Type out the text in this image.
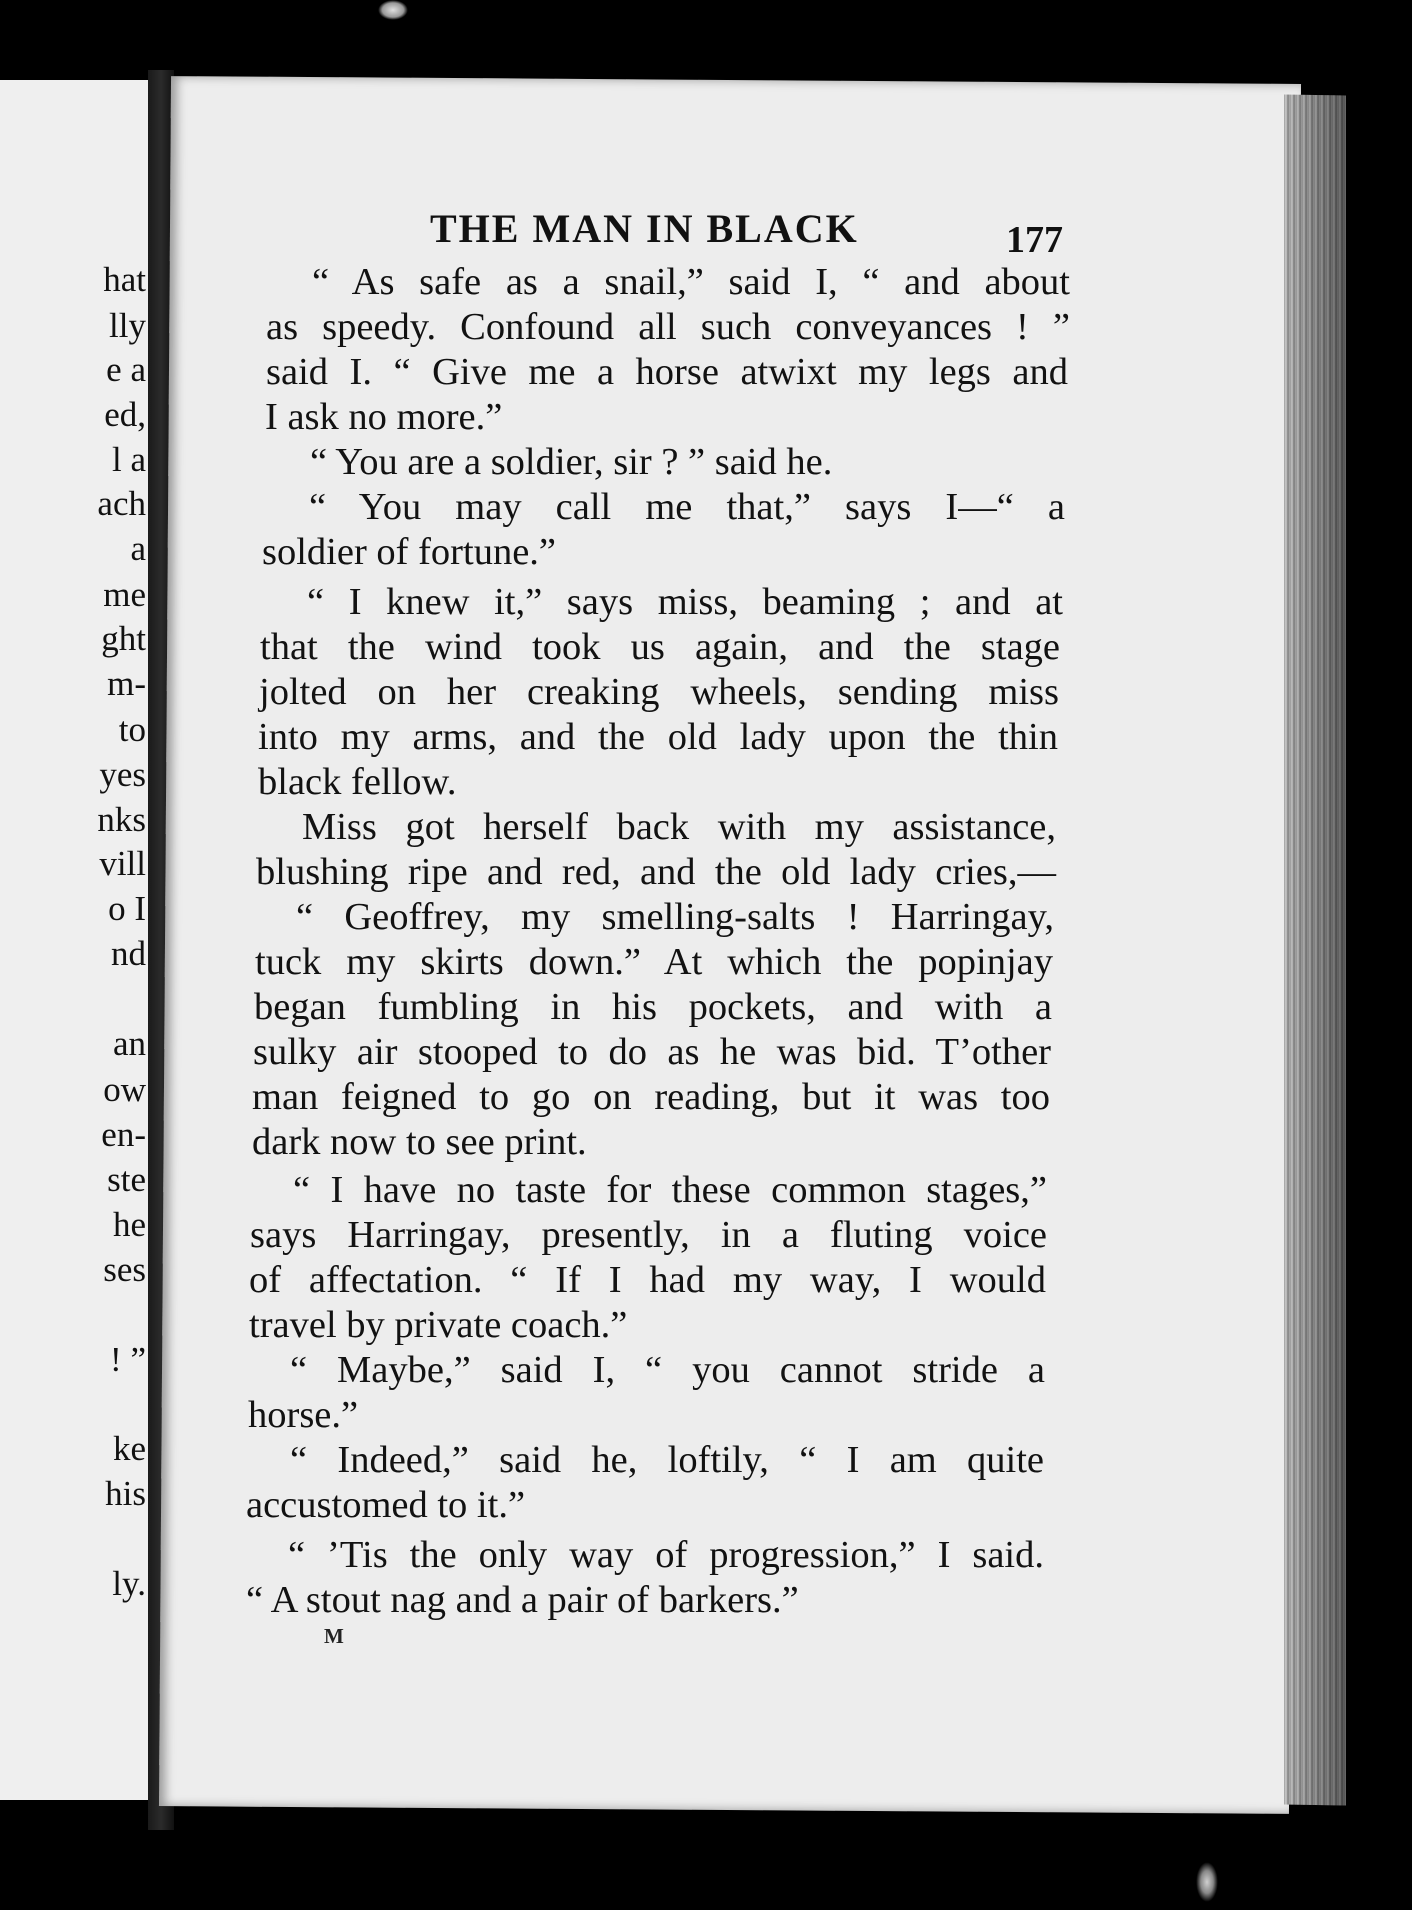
hat
lly
e a
ed,
l a
ach
a
me
ght
m-
to
yes
nks
vill
o I
nd
an
ow
en-
ste
he
ses
! ”
ke
his
ly.
THE MAN IN BLACK	177
“ As safe as a snail,” said I, “ and about
as speedy. Confound all such conveyances ! ”
said I. “ Give me a horse atwixt my legs and
I ask no more.”
“ You are a soldier, sir ? ” said he.
“ You may call me that,” says I—“ a
soldier of fortune.”
“ I knew it,” says miss, beaming ; and at
that the wind took us again, and the stage
jolted on her creaking wheels, sending miss
into my arms, and the old lady upon the thin
black fellow.
Miss got herself back with my assistance,
blushing ripe and red, and the old lady cries,—
“ Geoffrey, my smelling-salts ! Harringay,
tuck my skirts down.” At which the popinjay
began fumbling in his pockets, and with a
sulky air stooped to do as he was bid. T’other
man feigned to go on reading, but it was too
dark now to see print.
“ I have no taste for these common stages,”
says Harringay, presently, in a fluting voice
of affectation. “ If I had my way, I would
travel by private coach.”
“ Maybe,” said I, “ you cannot stride a
horse.”
“ Indeed,” said he, loftily, “ I am quite
accustomed to it.”
“ ’Tis the only way of progression,” I said.
“ A stout nag and a pair of barkers.”
M
